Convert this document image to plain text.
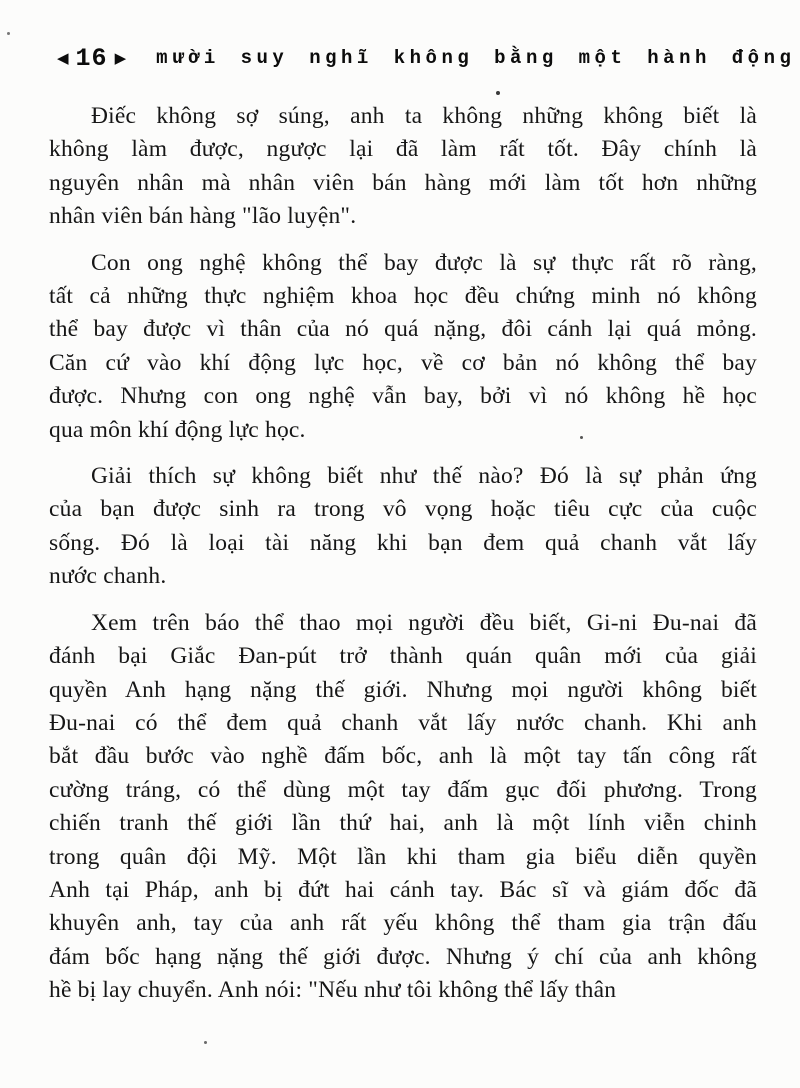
◀ 16 ▶ mười suy nghĩ không bằng một hành động
Điếc không sợ súng, anh ta không những không biết là
không làm được, ngược lại đã làm rất tốt. Đây chính là
nguyên nhân mà nhân viên bán hàng mới làm tốt hơn những
nhân viên bán hàng "lão luyện".
Con ong nghệ không thể bay được là sự thực rất rõ ràng,
tất cả những thực nghiệm khoa học đều chứng minh nó không
thể bay được vì thân của nó quá nặng, đôi cánh lại quá mỏng.
Căn cứ vào khí động lực học, về cơ bản nó không thể bay
được. Nhưng con ong nghệ vẫn bay, bởi vì nó không hề học
qua môn khí động lực học.
Giải thích sự không biết như thế nào? Đó là sự phản ứng
của bạn được sinh ra trong vô vọng hoặc tiêu cực của cuộc
sống. Đó là loại tài năng khi bạn đem quả chanh vắt lấy
nước chanh.
Xem trên báo thể thao mọi người đều biết, Gi-ni Đu-nai đã
đánh bại Giắc Đan-pút trở thành quán quân mới của giải
quyền Anh hạng nặng thế giới. Nhưng mọi người không biết
Đu-nai có thể đem quả chanh vắt lấy nước chanh. Khi anh
bắt đầu bước vào nghề đấm bốc, anh là một tay tấn công rất
cường tráng, có thể dùng một tay đấm gục đối phương. Trong
chiến tranh thế giới lần thứ hai, anh là một lính viễn chinh
trong quân đội Mỹ. Một lần khi tham gia biểu diễn quyền
Anh tại Pháp, anh bị đứt hai cánh tay. Bác sĩ và giám đốc đã
khuyên anh, tay của anh rất yếu không thể tham gia trận đấu
đám bốc hạng nặng thế giới được. Nhưng ý chí của anh không
hề bị lay chuyển. Anh nói: "Nếu như tôi không thể lấy thân
